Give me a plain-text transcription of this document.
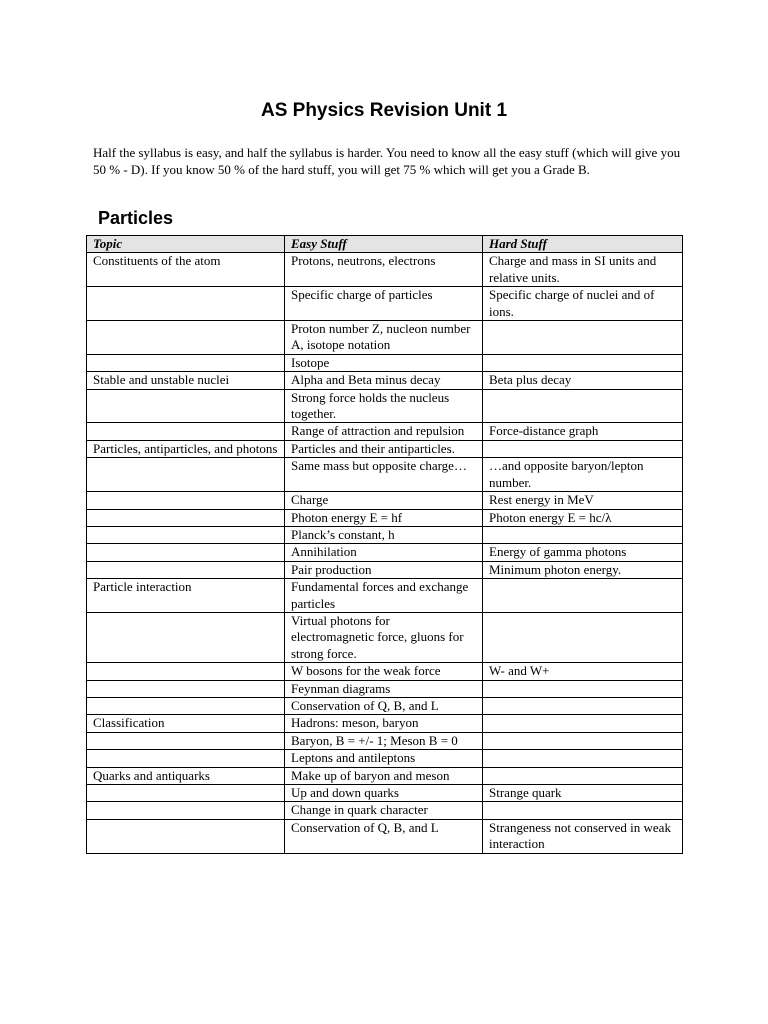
AS Physics Revision Unit 1
Half the syllabus is easy, and half the syllabus is harder. You need to know all the easy stuff (which will give you 50 % - D). If you know 50 % of the hard stuff, you will get 75 % which will get you a Grade B.
Particles
Topic	Easy Stuff	Hard Stuff
Constituents of the atom	Protons, neutrons, electrons	Charge and mass in SI units and relative units.
	Specific charge of particles	Specific charge of nuclei and of ions.
	Proton number Z, nucleon number A, isotope notation	
	Isotope	
Stable and unstable nuclei	Alpha and Beta minus decay	Beta plus decay
	Strong force holds the nucleus together.	
	Range of attraction and repulsion	Force-distance graph
Particles, antiparticles, and photons	Particles and their antiparticles.	
	Same mass but opposite charge…	…and opposite baryon/lepton number.
	Charge	Rest energy in MeV
	Photon energy E = hf	Photon energy E = hc/λ
	Planck’s constant, h	
	Annihilation	Energy of gamma photons
	Pair production	Minimum photon energy.
Particle interaction	Fundamental forces and exchange particles	
	Virtual photons for electromagnetic force, gluons for strong force.	
	W bosons for the weak force	W- and W+
	Feynman diagrams	
	Conservation of Q, B, and L	
Classification	Hadrons: meson, baryon	
	Baryon, B = +/- 1; Meson B = 0	
	Leptons and antileptons	
Quarks and antiquarks	Make up of baryon and meson	
	Up and down quarks	Strange quark
	Change in quark character	
	Conservation of Q, B, and L	Strangeness not conserved in weak interaction
